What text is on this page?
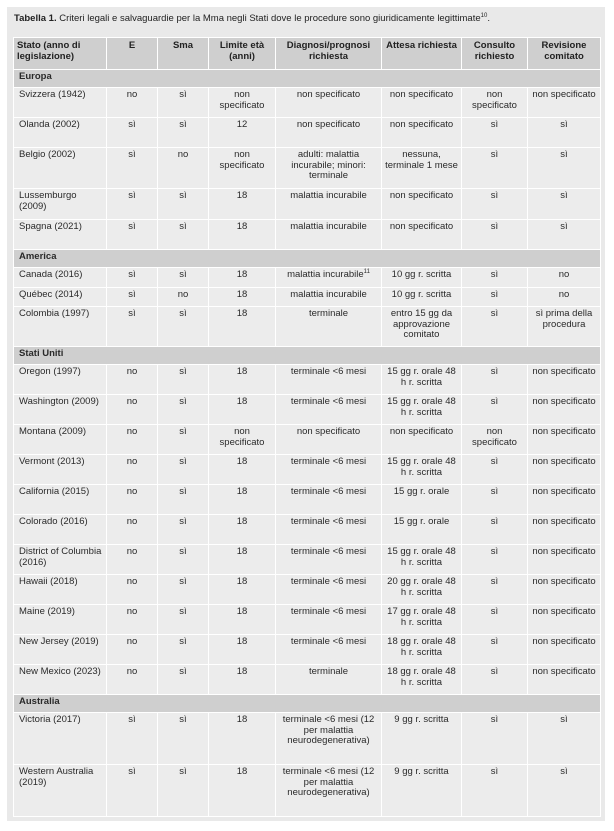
Tabella 1. Criteri legali e salvaguardie per la Mma negli Stati dove le procedure sono giuridicamente legittimate$^{10}$.
Stato (anno di legislazione)	E	Sma	Limite età (anni)	Diagnosi/prognosi richiesta	Attesa richiesta	Consulto richiesto	Revisione comitato
Europa							
Svizzera (1942)	no	sì	non specificato	non specificato	non specificato	non specificato	non specificato
Olanda (2002)	sì	sì	12	non specificato	non specificato	sì	sì
Belgio (2002)	sì	no	non specificato	adulti: malattia incurabile; minori: terminale	nessuna, terminale 1 mese	sì	sì
Lussemburgo (2009)	sì	sì	18	malattia incurabile	non specificato	sì	sì
Spagna (2021)	sì	sì	18	malattia incurabile	non specificato	sì	sì
America							
Canada (2016)	sì	sì	18	malattia incurabile$^{11}$	10 gg r. scritta	sì	no
Québec (2014)	sì	no	18	malattia incurabile	10 gg r. scritta	sì	no
Colombia (1997)	sì	sì	18	terminale	entro 15 gg da approvazione comitato	sì	sì prima della procedura
Stati Uniti							
Oregon (1997)	no	sì	18	terminale <6 mesi	15 gg r. orale 48 h r. scritta	sì	non specificato
Washington (2009)	no	sì	18	terminale <6 mesi	15 gg r. orale 48 h r. scritta	sì	non specificato
Montana (2009)	no	sì	non specificato	non specificato	non specificato	non specificato	non specificato
Vermont (2013)	no	sì	18	terminale <6 mesi	15 gg r. orale 48 h r. scritta	sì	non specificato
California (2015)	no	sì	18	terminale <6 mesi	15 gg r. orale	sì	non specificato
Colorado (2016)	no	sì	18	terminale <6 mesi	15 gg r. orale	sì	non specificato
District of Columbia (2016)	no	sì	18	terminale <6 mesi	15 gg r. orale 48 h r. scritta	sì	non specificato
Hawaii (2018)	no	sì	18	terminale <6 mesi	20 gg r. orale 48 h r. scritta	sì	non specificato
Maine (2019)	no	sì	18	terminale <6 mesi	17 gg r. orale 48 h r. scritta	sì	non specificato
New Jersey (2019)	no	sì	18	terminale <6 mesi	18 gg r. orale 48 h r. scritta	sì	non specificato
New Mexico (2023)	no	sì	18	terminale	18 gg r. orale 48 h r. scritta	sì	non specificato
Australia							
Victoria (2017)	sì	sì	18	terminale <6 mesi (12 per malattia neurodegenerativa)	9 gg r. scritta	sì	sì
Western Australia (2019)	sì	sì	18	terminale <6 mesi (12 per malattia neurodegenerativa)	9 gg r. scritta	sì	sì
